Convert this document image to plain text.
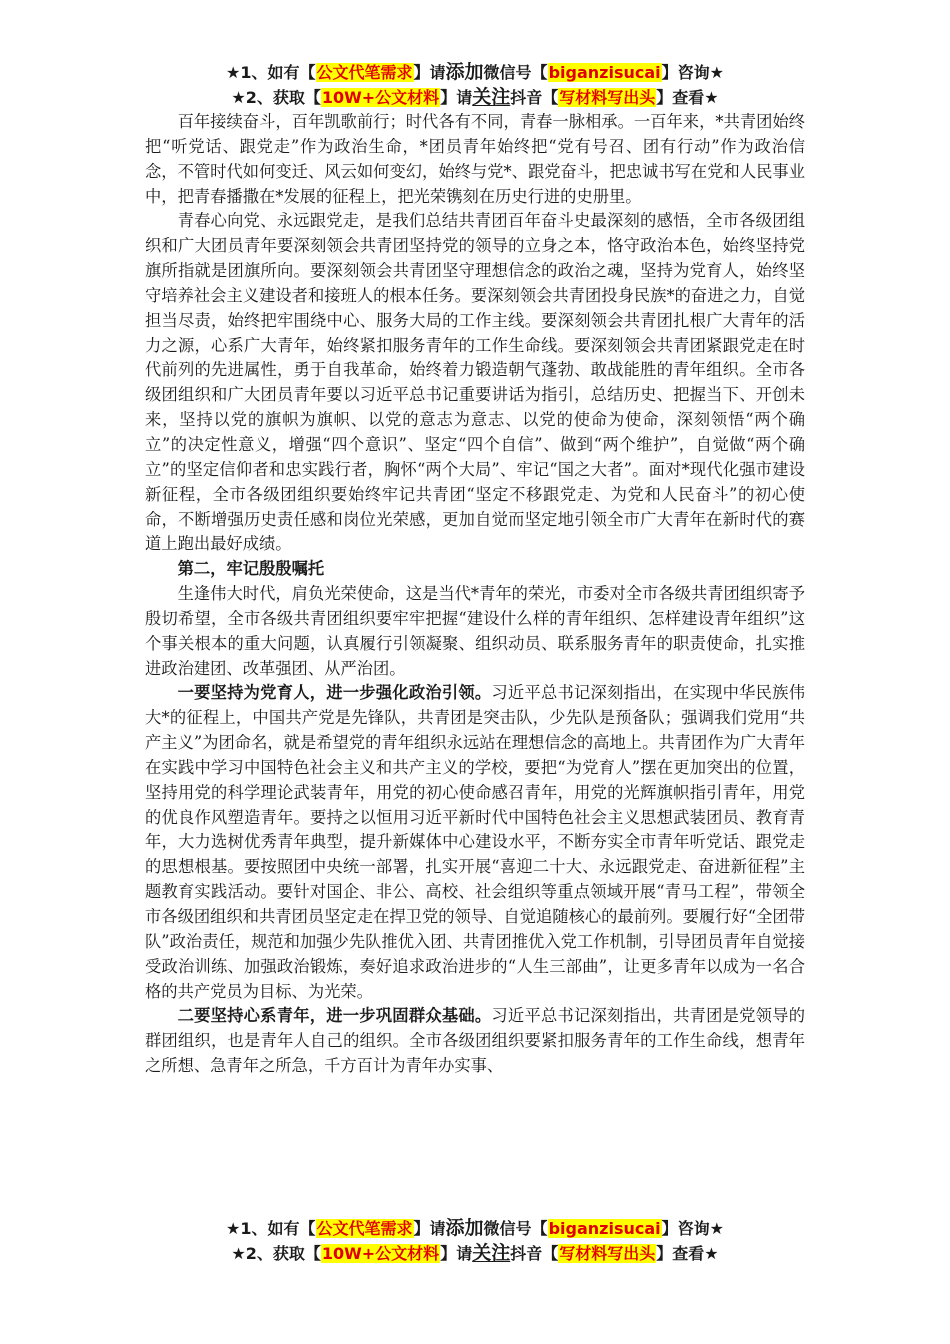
★1、如有【公文代笔需求】请添加微信号【biganzisucai】咨询★
★2、获取【10W+公文材料】请关注抖音【写材料写出头】查看★

百年接续奋斗，百年凯歌前行；时代各有不同，青春一脉相承。一百年来，*共青团始终把“听党话、跟党走”作为政治生命，*团员青年始终把“党有号召、团有行动”作为政治信念，不管时代如何变迁、风云如何变幻，始终与党*、跟党奋斗，把忠诚书写在党和人民事业中，把青春播撒在*发展的征程上，把光荣镌刻在历史行进的史册里。

青春心向党、永远跟党走，是我们总结共青团百年奋斗史最深刻的感悟，全市各级团组织和广大团员青年要深刻领会共青团坚持党的领导的立身之本，恪守政治本色，始终坚持党旗所指就是团旗所向。要深刻领会共青团坚守理想信念的政治之魂，坚持为党育人，始终坚守培养社会主义建设者和接班人的根本任务。要深刻领会共青团投身民族*的奋进之力，自觉担当尽责，始终把牢围绕中心、服务大局的工作主线。要深刻领会共青团扎根广大青年的活力之源，心系广大青年，始终紧扣服务青年的工作生命线。要深刻领会共青团紧跟党走在时代前列的先进属性，勇于自我革命，始终着力锻造朝气蓬勃、敢战能胜的青年组织。全市各级团组织和广大团员青年要以习近平总书记重要讲话为指引，总结历史、把握当下、开创未来，坚持以党的旗帜为旗帜、以党的意志为意志、以党的使命为使命，深刻领悟“两个确立”的决定性意义，增强“四个意识”、坚定“四个自信”、做到“两个维护”，自觉做“两个确立”的坚定信仰者和忠实践行者，胸怀“两个大局”、牢记“国之大者”。面对*现代化强市建设新征程，全市各级团组织要始终牢记共青团“坚定不移跟党走、为党和人民奋斗”的初心使命，不断增强历史责任感和岗位光荣感，更加自觉而坚定地引领全市广大青年在新时代的赛道上跑出最好成绩。

第二，牢记殷殷嘱托

生逢伟大时代，肩负光荣使命，这是当代*青年的荣光，市委对全市各级共青团组织寄予殷切希望，全市各级共青团组织要牢牢把握“建设什么样的青年组织、怎样建设青年组织”这个事关根本的重大问题，认真履行引领凝聚、组织动员、联系服务青年的职责使命，扎实推进政治建团、改革强团、从严治团。

一要坚持为党育人，进一步强化政治引领。习近平总书记深刻指出，在实现中华民族伟大*的征程上，中国共产党是先锋队，共青团是突击队，少先队是预备队；强调我们党用“共产主义”为团命名，就是希望党的青年组织永远站在理想信念的高地上。共青团作为广大青年在实践中学习中国特色社会主义和共产主义的学校，要把“为党育人”摆在更加突出的位置，坚持用党的科学理论武装青年，用党的初心使命感召青年，用党的光辉旗帜指引青年，用党的优良作风塑造青年。要持之以恒用习近平新时代中国特色社会主义思想武装团员、教育青年，大力选树优秀青年典型，提升新媒体中心建设水平，不断夯实全市青年听党话、跟党走的思想根基。要按照团中央统一部署，扎实开展“喜迎二十大、永远跟党走、奋进新征程”主题教育实践活动。要针对国企、非公、高校、社会组织等重点领域开展“青马工程”，带领全市各级团组织和共青团员坚定走在捍卫党的领导、自觉追随核心的最前列。要履行好“全团带队”政治责任，规范和加强少先队推优入团、共青团推优入党工作机制，引导团员青年自觉接受政治训练、加强政治锻炼，奏好追求政治进步的“人生三部曲”，让更多青年以成为一名合格的共产党员为目标、为光荣。

二要坚持心系青年，进一步巩固群众基础。习近平总书记深刻指出，共青团是党领导的群团组织，也是青年人自己的组织。全市各级团组织要紧扣服务青年的工作生命线，想青年之所想、急青年之所急，千方百计为青年办实事、

★1、如有【公文代笔需求】请添加微信号【biganzisucai】咨询★
★2、获取【10W+公文材料】请关注抖音【写材料写出头】查看★
